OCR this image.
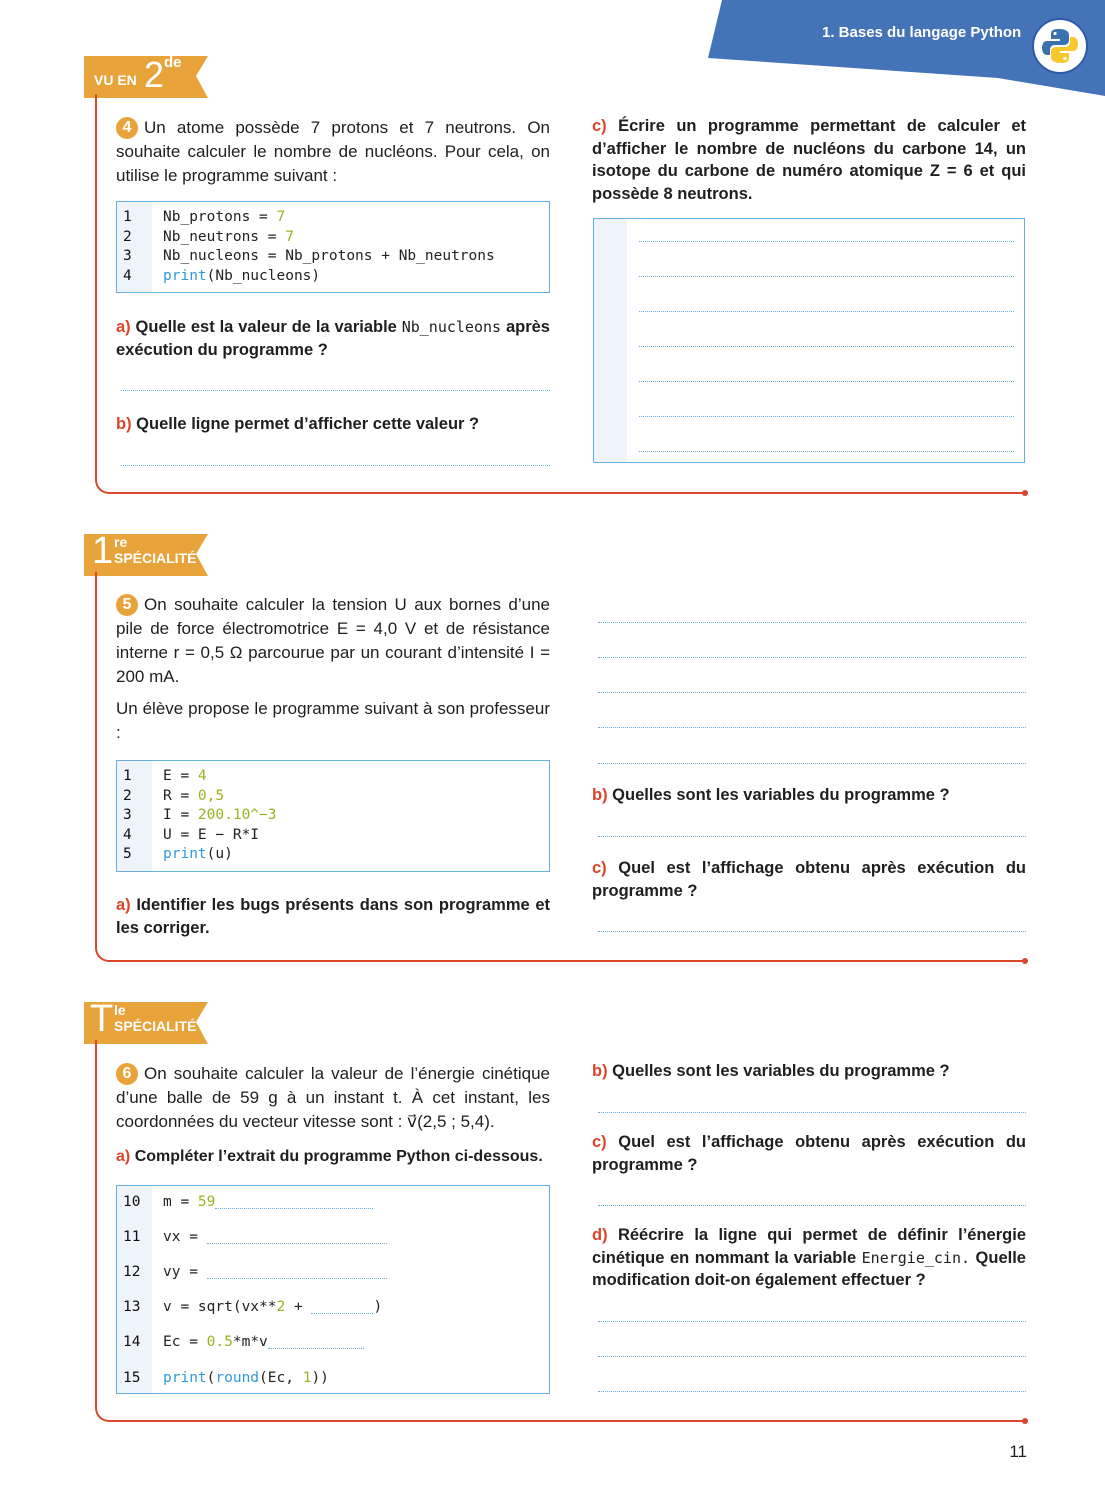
1. Bases du langage Python
VU EN 2 de
4 Un atome possède 7 protons et 7 neutrons. On souhaite calculer le nombre de nucléons. Pour cela, on utilise le programme suivant :
1	Nb_protons = 7
2	Nb_neutrons = 7
3	Nb_nucleons = Nb_protons + Nb_neutrons
4	print(Nb_nucleons)
a) Quelle est la valeur de la variable Nb_nucleons après exécution du programme ?
b) Quelle ligne permet d’afficher cette valeur ?
c) Écrire un programme permettant de calculer et d’afficher le nombre de nucléons du carbone 14, un isotope du carbone de numéro atomique Z = 6 et qui possède 8 neutrons.
1 re
SPÉCIALITÉ
5 On souhaite calculer la tension U aux bornes d’une pile de force électromotrice E = 4,0 V et de résistance interne r = 0,5 Ω parcourue par un courant d’intensité I = 200 mA.
Un élève propose le programme suivant à son professeur :
1	E = 4
2	R = 0,5
3	I = 200.10^−3
4	U = E − R*I
5	print(u)
a) Identifier les bugs présents dans son programme et les corriger.
b) Quelles sont les variables du programme ?
c) Quel est l’affichage obtenu après exécution du programme ?
T le
SPÉCIALITÉ
6 On souhaite calculer la valeur de l’énergie cinétique d’une balle de 59 g à un instant t. À cet instant, les coordonnées du vecteur vitesse sont : v⃗(2,5 ; 5,4).
a) Compléter l’extrait du programme Python ci-dessous.
10	m = 59
11	vx =
12	vy =
13	v = sqrt(vx**2 +	)
14	Ec = 0.5*m*v
15	print(round(Ec, 1))
b) Quelles sont les variables du programme ?
c) Quel est l’affichage obtenu après exécution du programme ?
d) Réécrire la ligne qui permet de définir l’énergie cinétique en nommant la variable Energie_cin. Quelle modification doit-on également effectuer ?
11
